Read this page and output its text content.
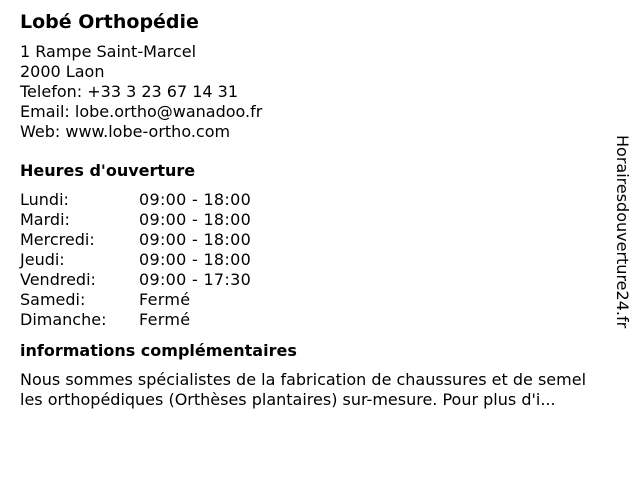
Lobé Orthopédie
1 Rampe Saint-Marcel
2000 Laon
Telefon: +33 3 23 67 14 31
Email: lobe.ortho@wanadoo.fr
Web: www.lobe-ortho.com
Heures d'ouverture
Lundi:	09:00 - 18:00
Mardi:	09:00 - 18:00
Mercredi:	09:00 - 18:00
Jeudi:	09:00 - 18:00
Vendredi:	09:00 - 17:30
Samedi:	Fermé
Dimanche:	Fermé
informations complémentaires
Nous sommes spécialistes de la fabrication de chaussures et de semel
les orthopédiques (Orthèses plantaires) sur-mesure. Pour plus d'i...
Horairesdouverture24.fr
